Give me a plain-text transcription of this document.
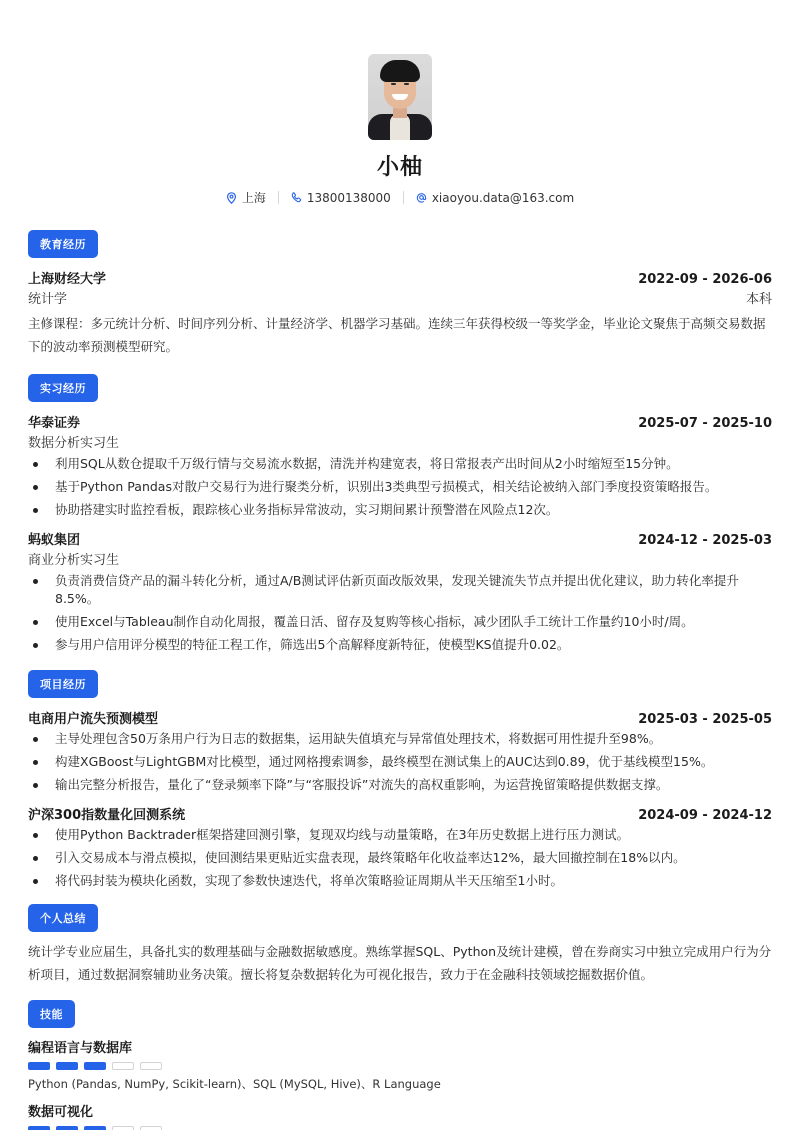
小柚
上海	13800138000	xiaoyou.data@163.com
教育经历
上海财经大学	2022-09 - 2026-06
统计学	本科
主修课程：多元统计分析、时间序列分析、计量经济学、机器学习基础。连续三年获得校级一等奖学金，毕业论文聚焦于高频交易数据下的波动率预测模型研究。
实习经历
华泰证券	2025-07 - 2025-10
数据分析实习生
利用SQL从数仓提取千万级行情与交易流水数据，清洗并构建宽表，将日常报表产出时间从2小时缩短至15分钟。
基于Python Pandas对散户交易行为进行聚类分析，识别出3类典型亏损模式，相关结论被纳入部门季度投资策略报告。
协助搭建实时监控看板，跟踪核心业务指标异常波动，实习期间累计预警潜在风险点12次。
蚂蚁集团	2024-12 - 2025-03
商业分析实习生
负责消费信贷产品的漏斗转化分析，通过A/B测试评估新页面改版效果，发现关键流失节点并提出优化建议，助力转化率提升8.5%。
使用Excel与Tableau制作自动化周报，覆盖日活、留存及复购等核心指标，减少团队手工统计工作量约10小时/周。
参与用户信用评分模型的特征工程工作，筛选出5个高解释度新特征，使模型KS值提升0.02。
项目经历
电商用户流失预测模型	2025-03 - 2025-05
主导处理包含50万条用户行为日志的数据集，运用缺失值填充与异常值处理技术，将数据可用性提升至98%。
构建XGBoost与LightGBM对比模型，通过网格搜索调参，最终模型在测试集上的AUC达到0.89，优于基线模型15%。
输出完整分析报告，量化了“登录频率下降”与“客服投诉”对流失的高权重影响，为运营挽留策略提供数据支撑。
沪深300指数量化回测系统	2024-09 - 2024-12
使用Python Backtrader框架搭建回测引擎，复现双均线与动量策略，在3年历史数据上进行压力测试。
引入交易成本与滑点模拟，使回测结果更贴近实盘表现，最终策略年化收益率达12%，最大回撤控制在18%以内。
将代码封装为模块化函数，实现了参数快速迭代，将单次策略验证周期从半天压缩至1小时。
个人总结
统计学专业应届生，具备扎实的数理基础与金融数据敏感度。熟练掌握SQL、Python及统计建模，曾在券商实习中独立完成用户行为分析项目，通过数据洞察辅助业务决策。擅长将复杂数据转化为可视化报告，致力于在金融科技领域挖掘数据价值。
技能
编程语言与数据库
Python (Pandas, NumPy, Scikit-learn)、SQL (MySQL, Hive)、R Language
数据可视化
